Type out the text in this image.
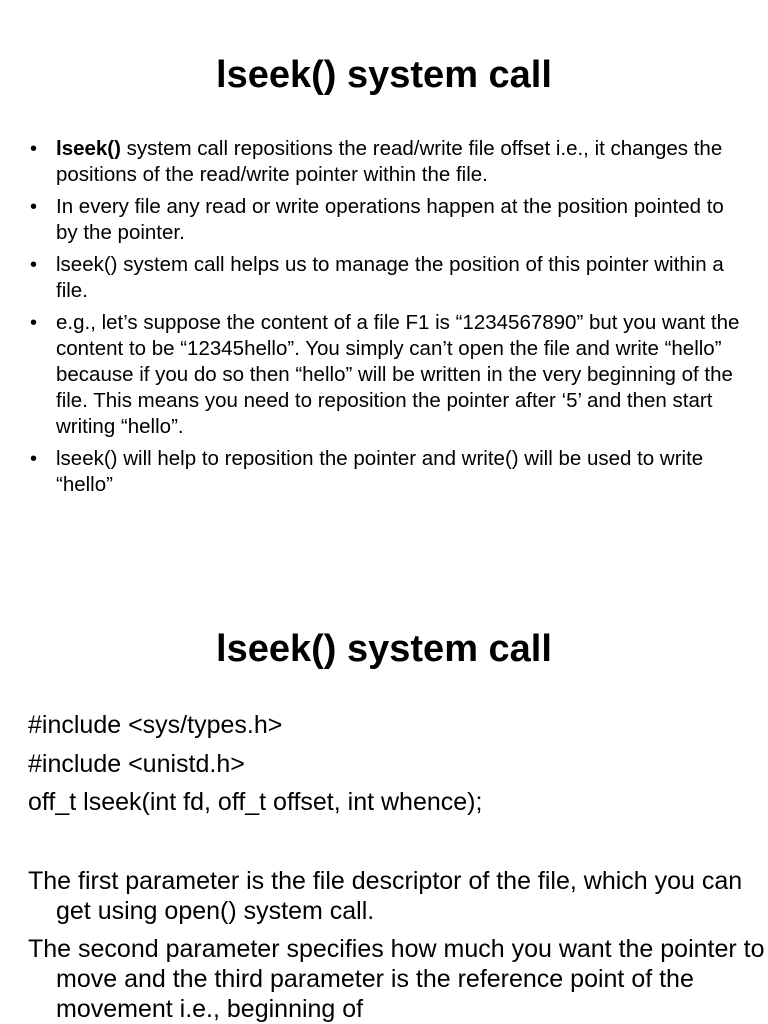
lseek() system call
• lseek() system call repositions the read/write file offset i.e., it changes the positions of the read/write pointer within the file.
• In every file any read or write operations happen at the position pointed to by the pointer.
• lseek() system call helps us to manage the position of this pointer within a file.
• e.g., let’s suppose the content of a file F1 is “1234567890” but you want the content to be “12345hello”. You simply can’t open the file and write “hello” because if you do so then “hello” will be written in the very beginning of the file. This means you need to reposition the pointer after ‘5’ and then start writing “hello”.
• lseek() will help to reposition the pointer and write() will be used to write “hello”
lseek() system call
#include <sys/types.h>
#include <unistd.h>
off_t lseek(int fd, off_t offset, int whence);

The first parameter is the file descriptor of the file, which you can get using open() system call.

The second parameter specifies how much you want the pointer to move and the third parameter is the reference point of the movement i.e., beginning of
